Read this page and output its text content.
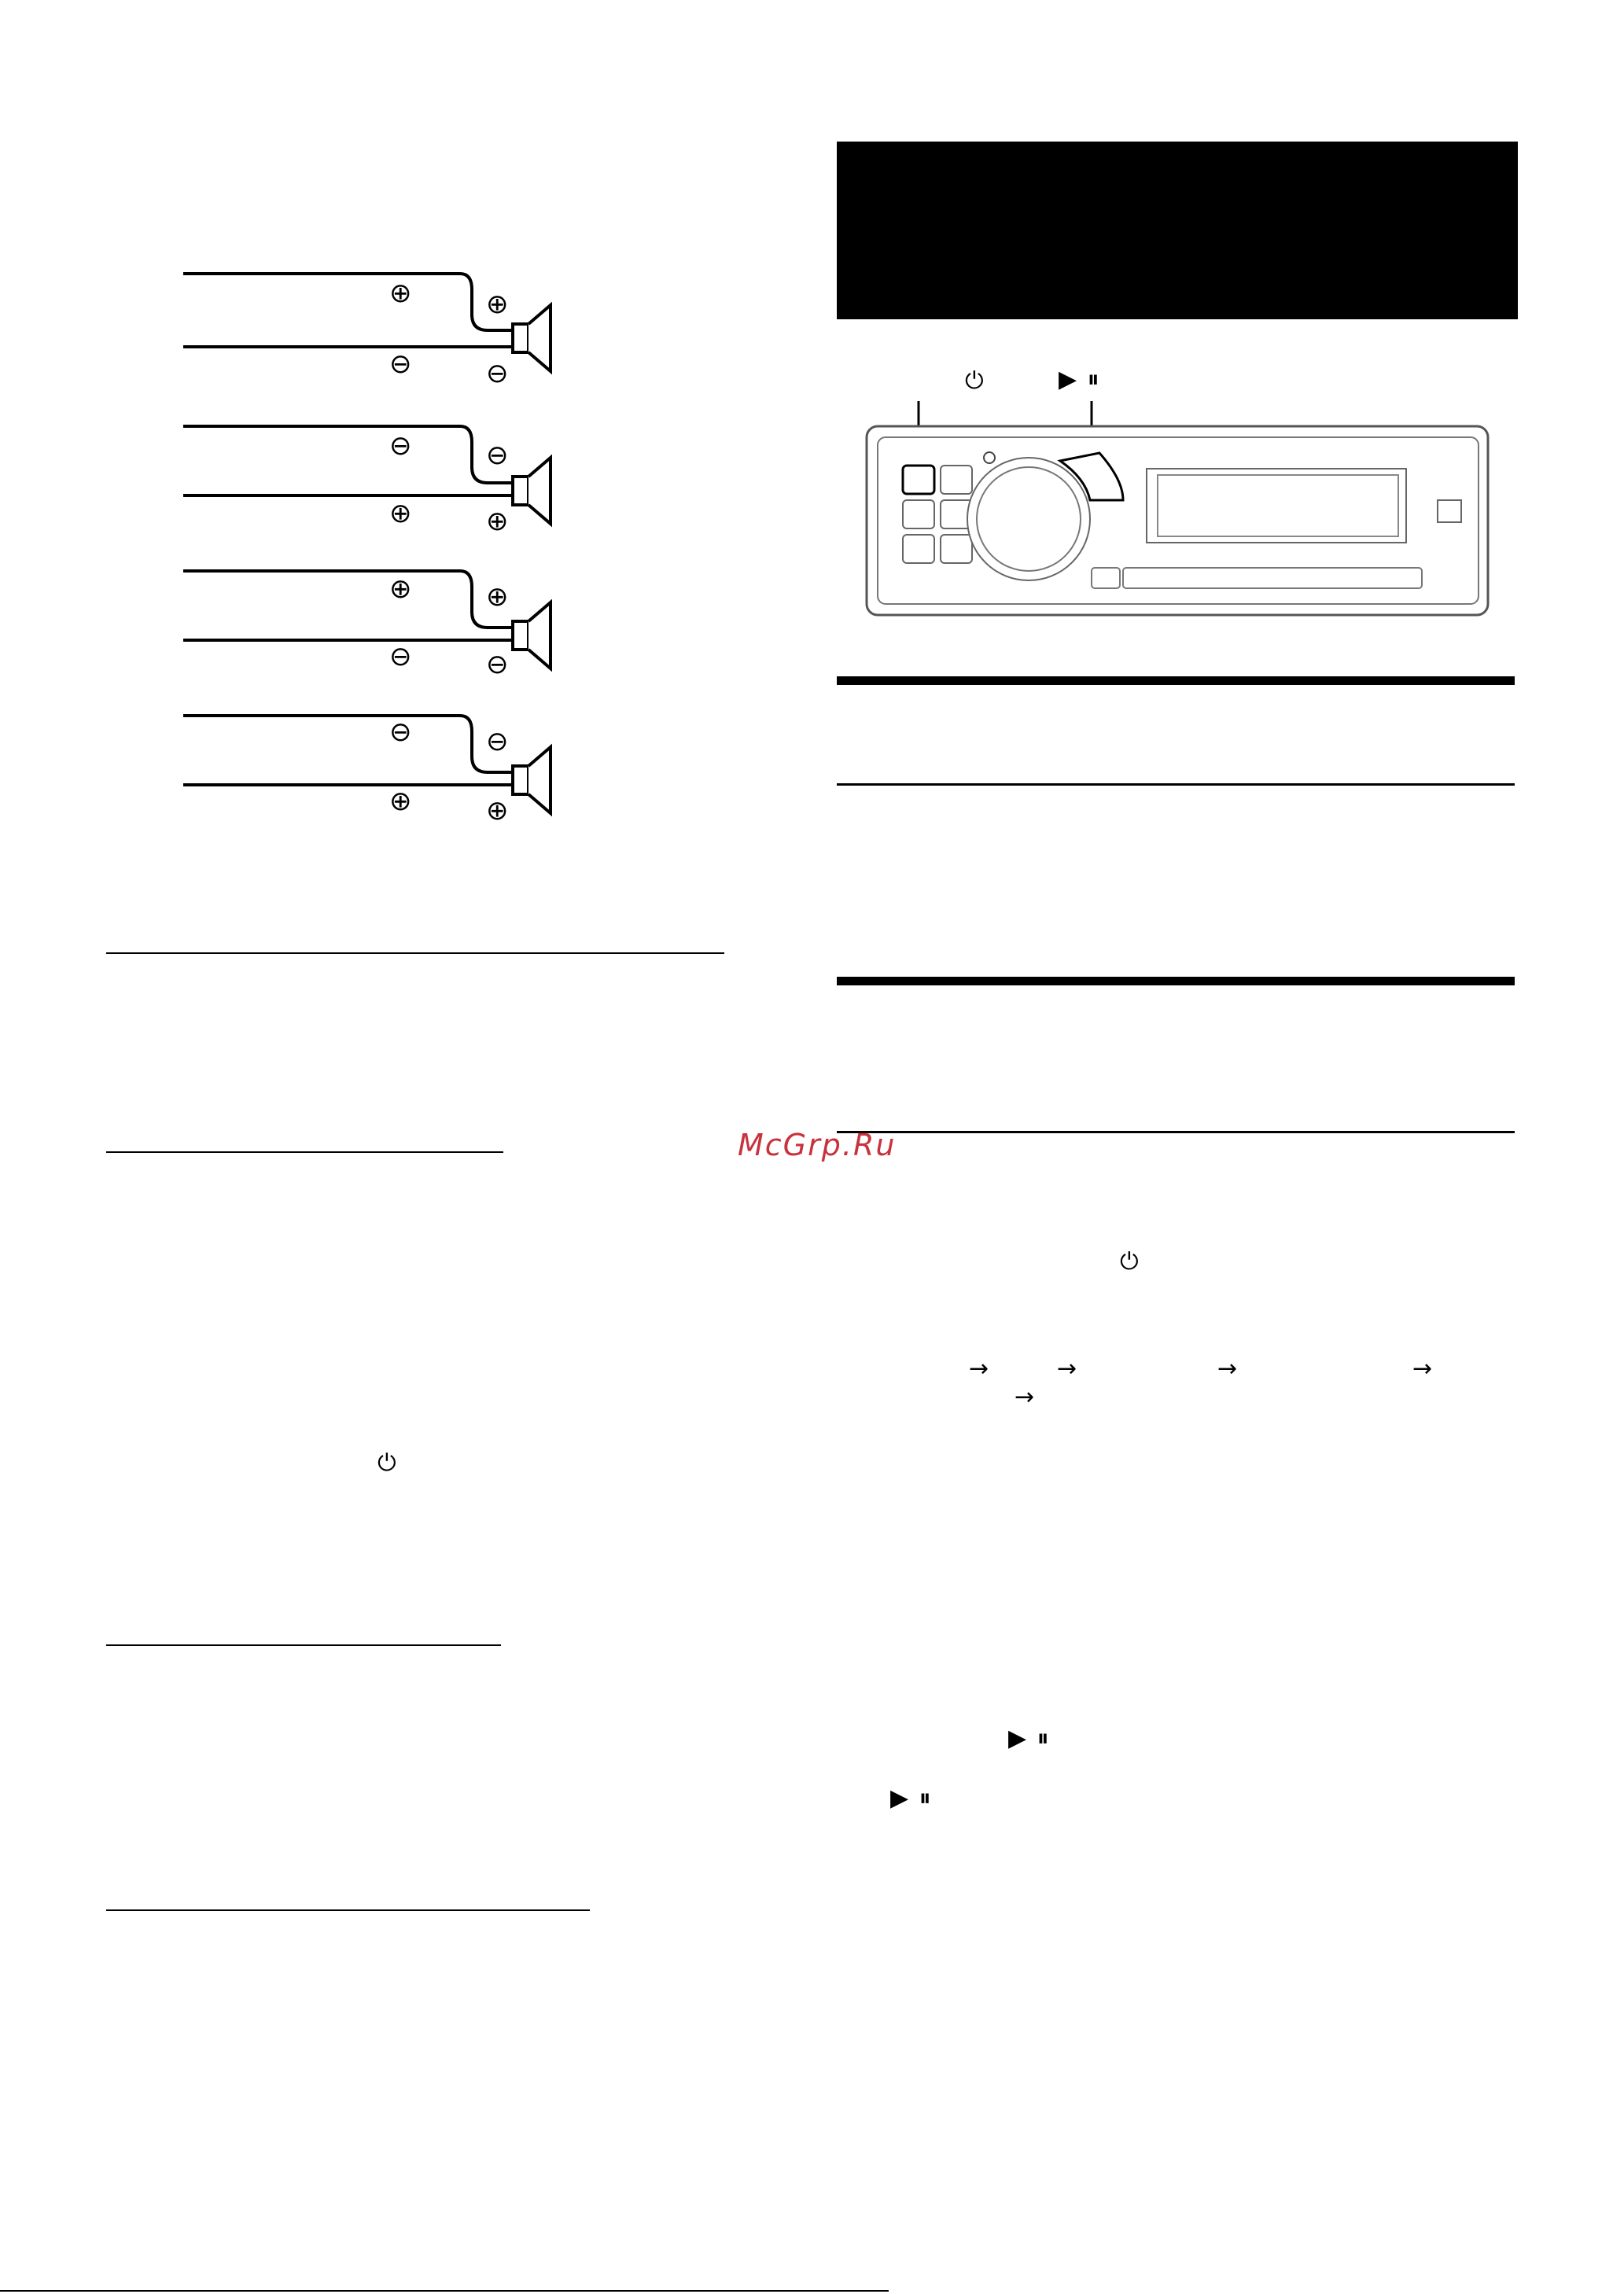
⊕
⊖
⊕
⊖
⊖
⊕
⊖
⊕
⊕
⊖
⊕
⊖
⊖
⊕
⊖
⊕
⏻
⏻	▶ ⏸
McGrp.Ru
⏻
→	→	→	→
→
▶ ⏸
▶ ⏸
